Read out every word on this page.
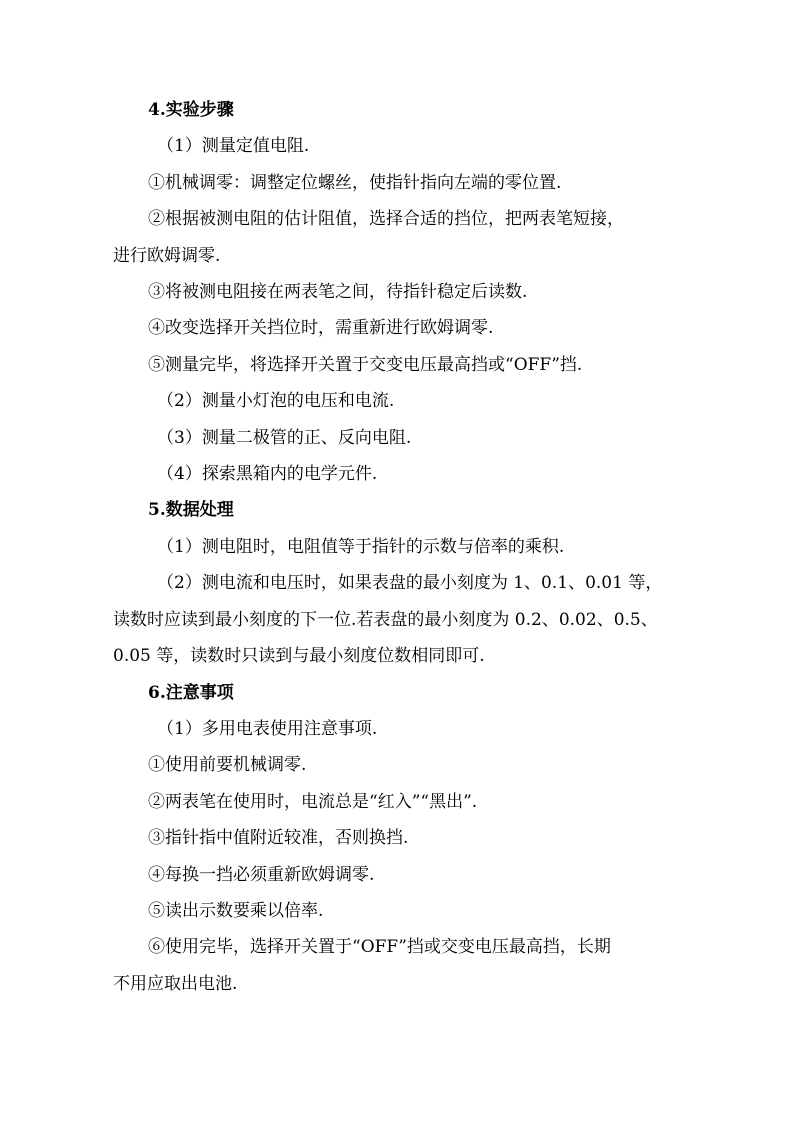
4.实验步骤

（1）测量定值电阻.

①机械调零：调整定位螺丝，使指针指向左端的零位置.

②根据被测电阻的估计阻值，选择合适的挡位，把两表笔短接，

进行欧姆调零.

③将被测电阻接在两表笔之间，待指针稳定后读数.

④改变选择开关挡位时，需重新进行欧姆调零.

⑤测量完毕，将选择开关置于交变电压最高挡或“OFF”挡.

（2）测量小灯泡的电压和电流.

（3）测量二极管的正、反向电阻.

（4）探索黑箱内的电学元件.

5.数据处理

（1）测电阻时，电阻值等于指针的示数与倍率的乘积.

（2）测电流和电压时，如果表盘的最小刻度为 1、0.1、0.01 等，

读数时应读到最小刻度的下一位.若表盘的最小刻度为 0.2、0.02、0.5、

0.05 等，读数时只读到与最小刻度位数相同即可.

6.注意事项

（1）多用电表使用注意事项.

①使用前要机械调零.

②两表笔在使用时，电流总是“红入”“黑出”.

③指针指中值附近较准，否则换挡.

④每换一挡必须重新欧姆调零.

⑤读出示数要乘以倍率.

⑥使用完毕，选择开关置于“OFF”挡或交变电压最高挡，长期

不用应取出电池.
